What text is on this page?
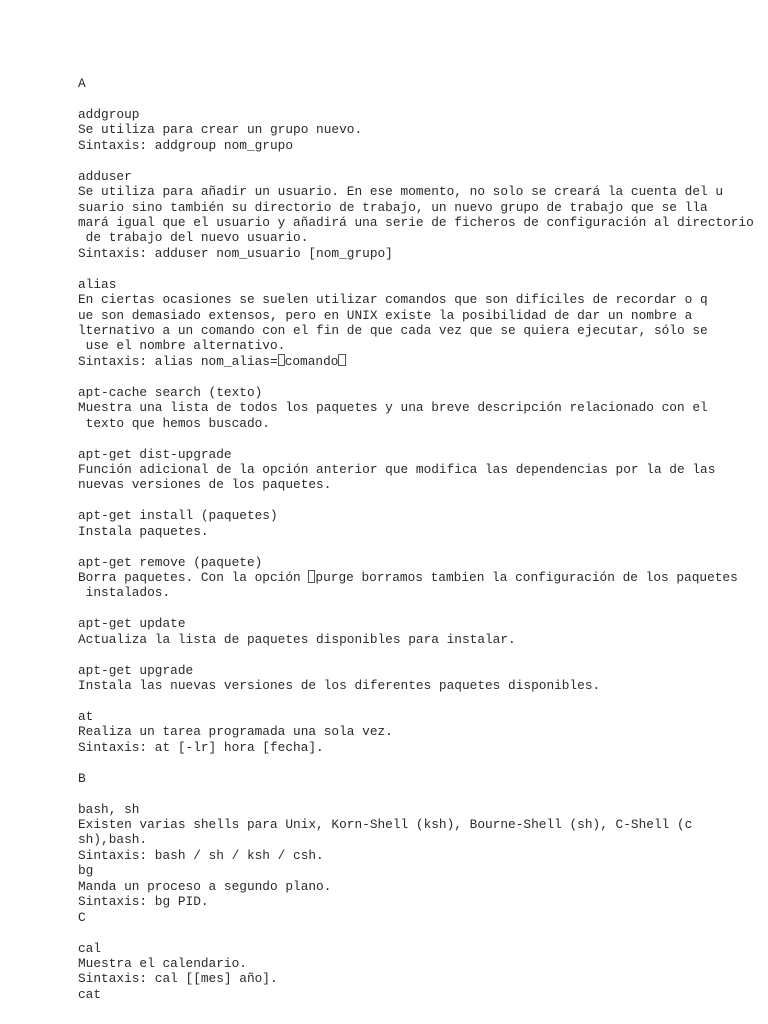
A

addgroup
Se utiliza para crear un grupo nuevo.
Sintaxis: addgroup nom_grupo

adduser
Se utiliza para añadir un usuario. En ese momento, no solo se creará la cuenta del u
suario sino también su directorio de trabajo, un nuevo grupo de trabajo que se lla
mará igual que el usuario y añadirá una serie de ficheros de configuración al directorio
de trabajo del nuevo usuario.
Sintaxis: adduser nom_usuario [nom_grupo]

alias
En ciertas ocasiones se suelen utilizar comandos que son difíciles de recordar o q
ue son demasiado extensos, pero en UNIX existe la posibilidad de dar un nombre a
lternativo a un comando con el fin de que cada vez que se quiera ejecutar, sólo se
use el nombre alternativo.
Sintaxis: alias nom_alias= comando

apt-cache search (texto)
Muestra una lista de todos los paquetes y una breve descripción relacionado con el
texto que hemos buscado.

apt-get dist-upgrade
Función adicional de la opción anterior que modifica las dependencias por la de las
nuevas versiones de los paquetes.

apt-get install (paquetes)
Instala paquetes.

apt-get remove (paquete)
Borra paquetes. Con la opción purge borramos tambien la configuración de los paquetes
instalados.

apt-get update
Actualiza la lista de paquetes disponibles para instalar.

apt-get upgrade
Instala las nuevas versiones de los diferentes paquetes disponibles.

at
Realiza un tarea programada una sola vez.
Sintaxis: at [-lr] hora [fecha].

B

bash, sh
Existen varias shells para Unix, Korn-Shell (ksh), Bourne-Shell (sh), C-Shell (c
sh),bash.
Sintaxis: bash / sh / ksh / csh.
bg
Manda un proceso a segundo plano.
Sintaxis: bg PID.
C

cal
Muestra el calendario.
Sintaxis: cal [[mes] año].
cat
